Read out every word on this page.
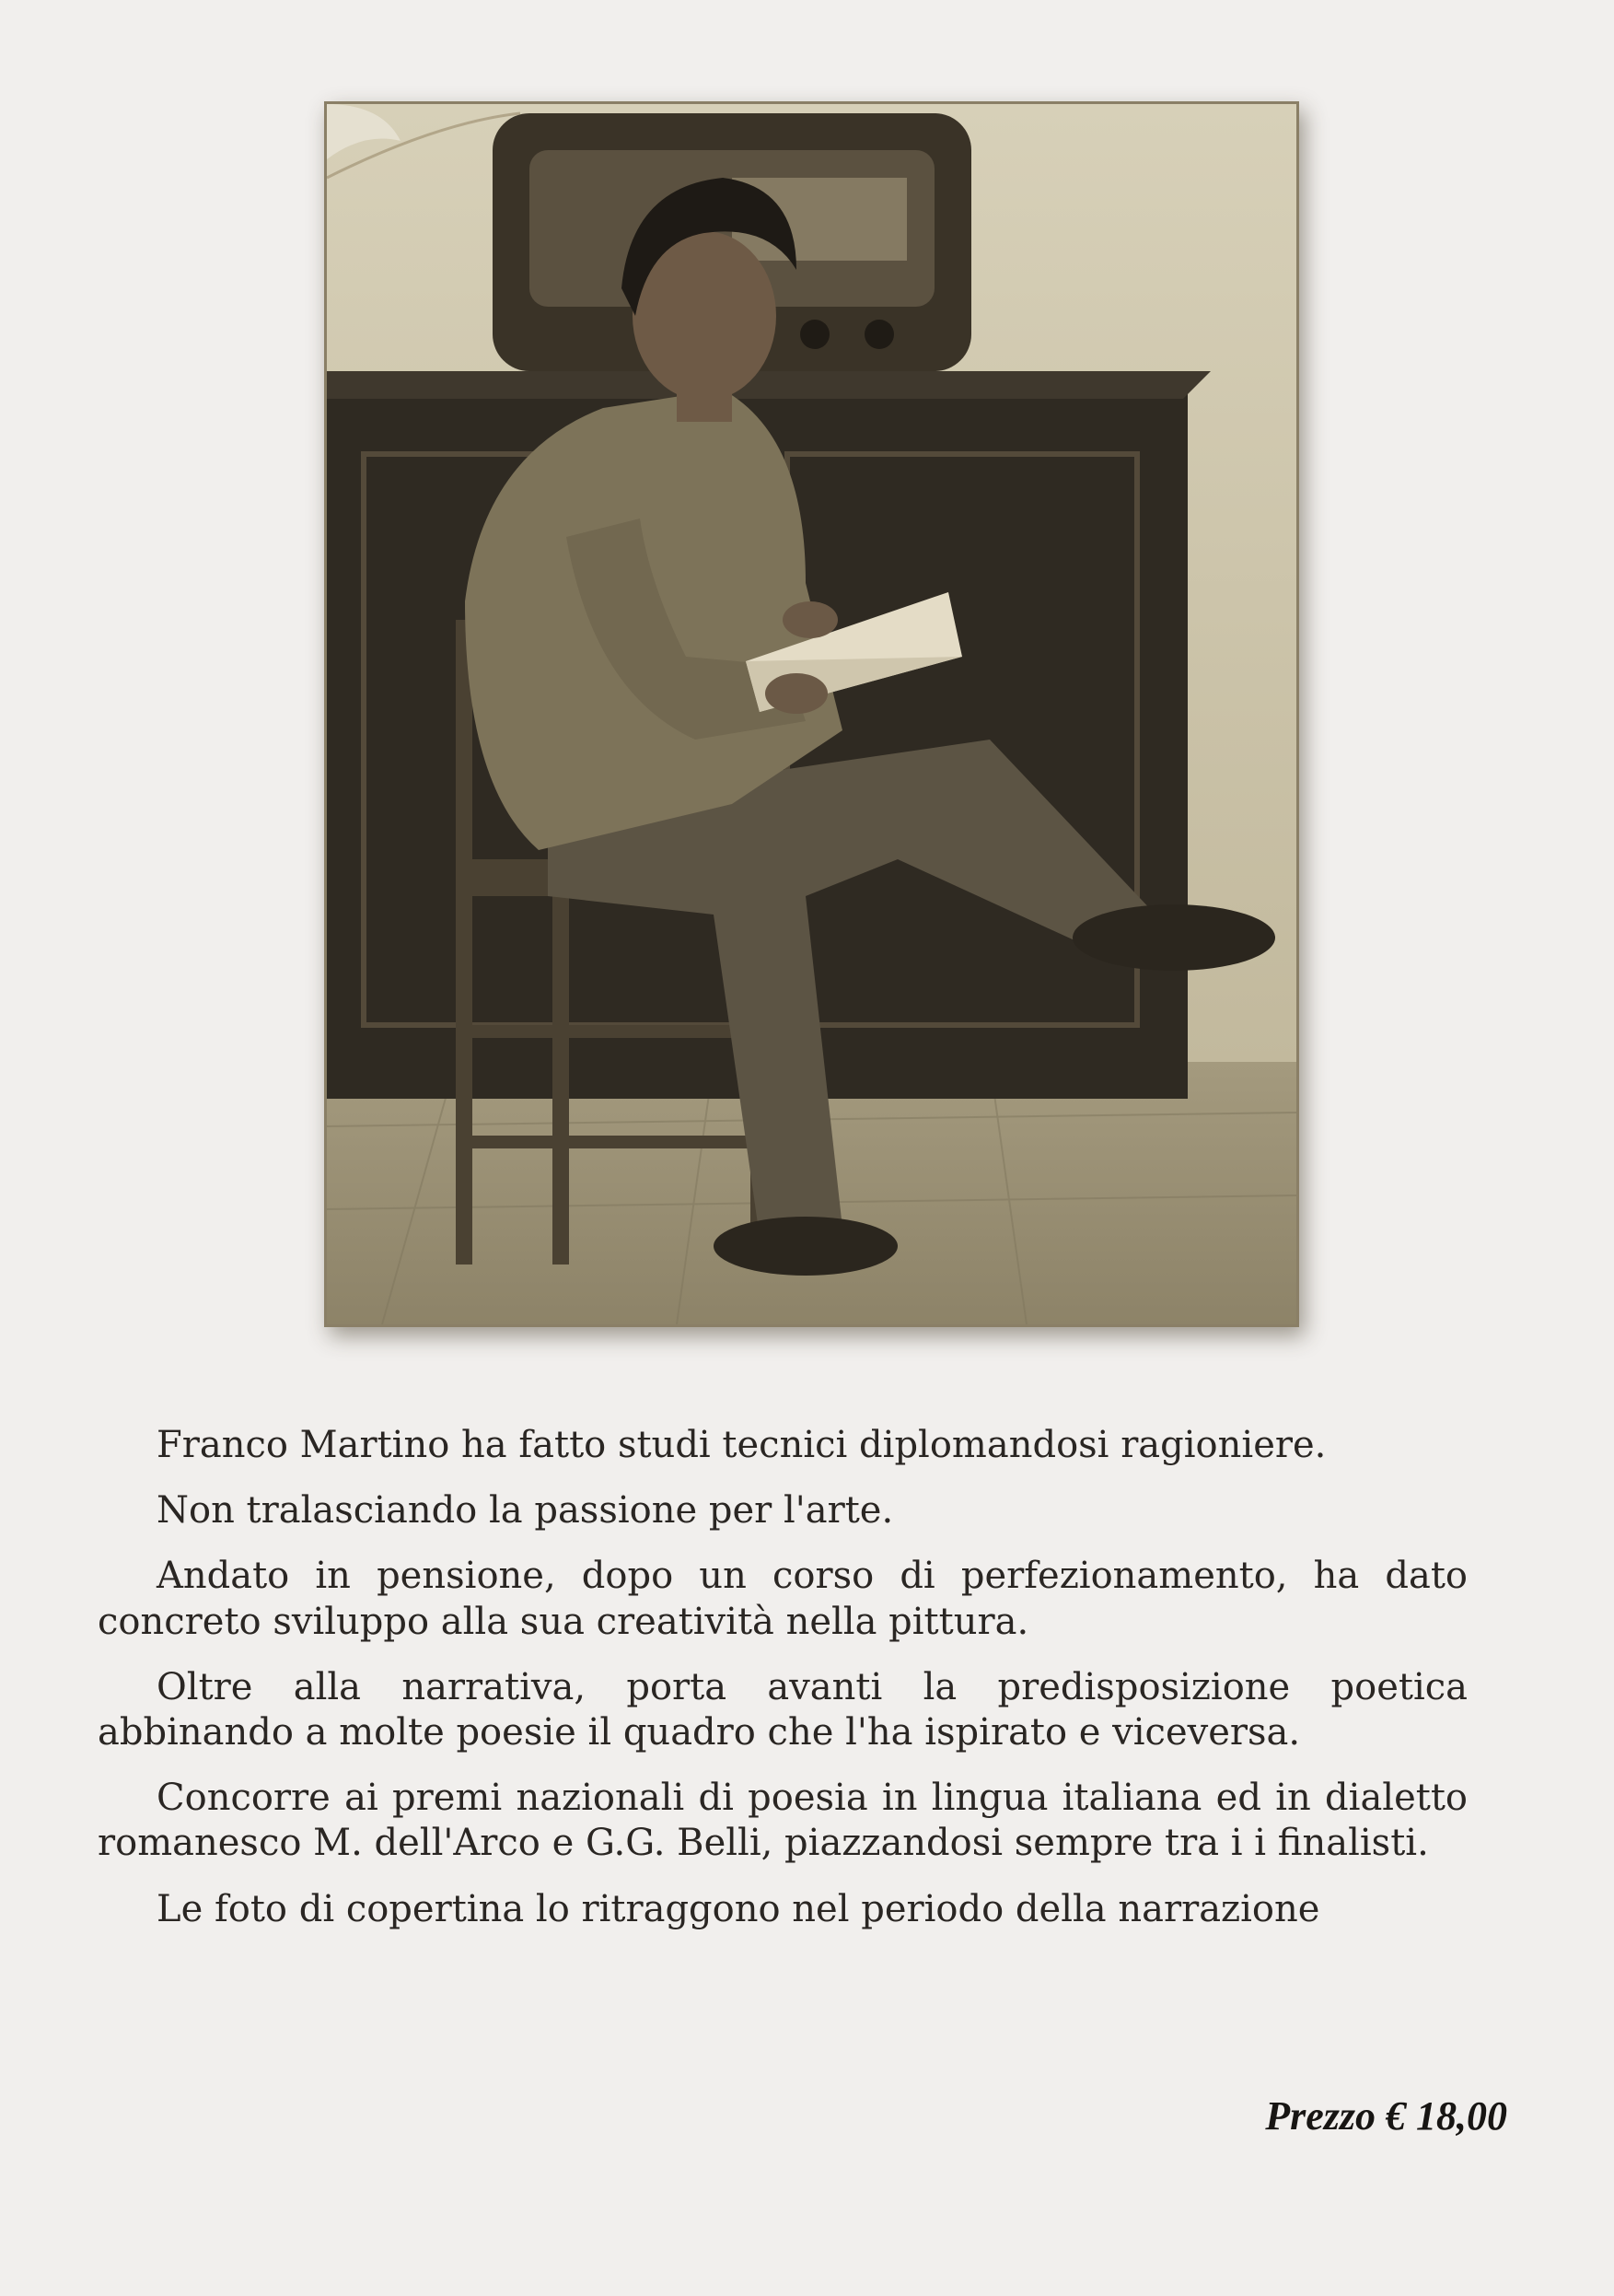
Franco Martino ha fatto studi tecnici diplomandosi ragioniere.

Non tralasciando la passione per l'arte.

Andato in pensione, dopo un corso di perfezionamento, ha dato concreto sviluppo alla sua creatività nella pittura.

Oltre alla narrativa, porta avanti la predisposizione poetica abbinando a molte poesie il quadro che l'ha ispirato e viceversa.

Concorre ai premi nazionali di poesia in lingua italiana ed in dialetto romanesco M. dell'Arco e G.G. Belli, piazzandosi sempre tra i i finalisti.

Le foto di copertina lo ritraggono nel periodo della narrazione

Prezzo € 18,00
